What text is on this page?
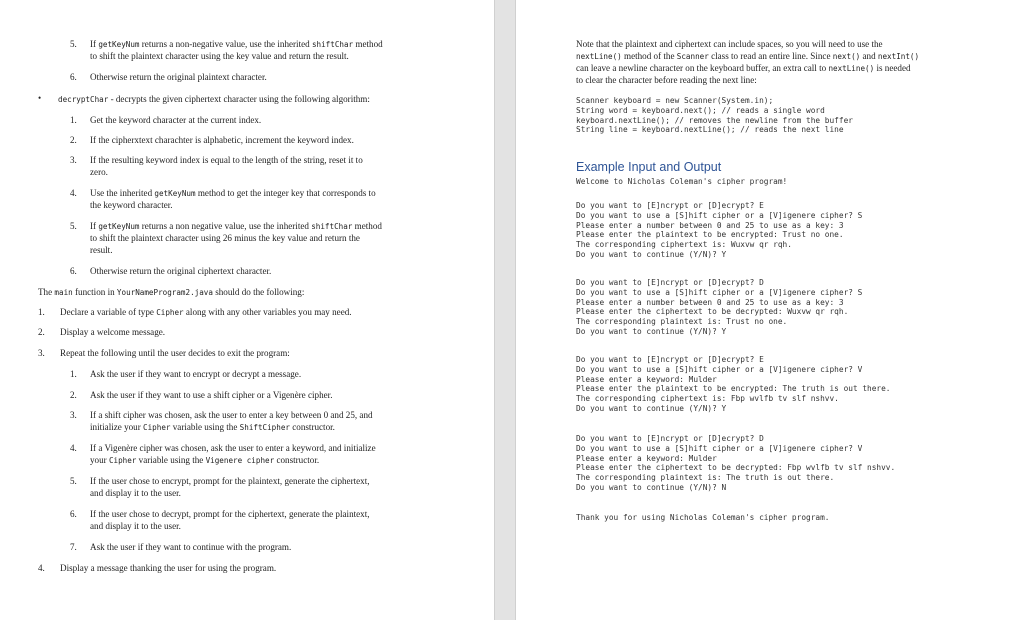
5. If getKeyNum returns a non-negative value, use the inherited shiftChar method
to shift the plaintext character using the key value and return the result.
6. Otherwise return the original plaintext character.
• decryptChar - decrypts the given ciphertext character using the following algorithm:
1. Get the keyword character at the current index.
2. If the cipherxtext charachter is alphabetic, increment the keyword index.
3. If the resulting keyword index is equal to the length of the string, reset it to
zero.
4. Use the inherited getKeyNum method to get the integer key that corresponds to
the keyword character.
5. If getKeyNum returns a non negative value, use the inherited shiftChar method
to shift the plaintext character using 26 minus the key value and return the
result.
6. Otherwise return the original ciphertext character.
The main function in YourNameProgram2.java should do the following:
1. Declare a variable of type Cipher along with any other variables you may need.
2. Display a welcome message.
3. Repeat the following until the user decides to exit the program:
1. Ask the user if they want to encrypt or decrypt a message.
2. Ask the user if they want to use a shift cipher or a Vigenère cipher.
3. If a shift cipher was chosen, ask the user to enter a key between 0 and 25, and
initialize your Cipher variable using the ShiftCipher constructor.
4. If a Vigenère cipher was chosen, ask the user to enter a keyword, and initialize
your Cipher variable using the Vigenere cipher constructor.
5. If the user chose to encrypt, prompt for the plaintext, generate the ciphertext,
and display it to the user.
6. If the user chose to decrypt, prompt for the ciphertext, generate the plaintext,
and display it to the user.
7. Ask the user if they want to continue with the program.
4. Display a message thanking the user for using the program.
Note that the plaintext and ciphertext can include spaces, so you will need to use the
nextLine() method of the Scanner class to read an entire line. Since next() and nextInt()
can leave a newline character on the keyboard buffer, an extra call to nextLine() is needed
to clear the character before reading the next line:
Scanner keyboard = new Scanner(System.in);
String word = keyboard.next(); // reads a single word
keyboard.nextLine(); // removes the newline from the buffer
String line = keyboard.nextLine(); // reads the next line
Example Input and Output
Welcome to Nicholas Coleman's cipher program!
Do you want to [E]ncrypt or [D]ecrypt? E
Do you want to use a [S]hift cipher or a [V]igenere cipher? S
Please enter a number between 0 and 25 to use as a key: 3
Please enter the plaintext to be encrypted: Trust no one.
The corresponding ciphertext is: Wuxvw qr rqh.
Do you want to continue (Y/N)? Y
Do you want to [E]ncrypt or [D]ecrypt? D
Do you want to use a [S]hift cipher or a [V]igenere cipher? S
Please enter a number between 0 and 25 to use as a key: 3
Please enter the ciphertext to be decrypted: Wuxvw qr rqh.
The corresponding plaintext is: Trust no one.
Do you want to continue (Y/N)? Y
Do you want to [E]ncrypt or [D]ecrypt? E
Do you want to use a [S]hift cipher or a [V]igenere cipher? V
Please enter a keyword: Mulder
Please enter the plaintext to be encrypted: The truth is out there.
The corresponding ciphertext is: Fbp wvlfb tv slf nshvv.
Do you want to continue (Y/N)? Y
Do you want to [E]ncrypt or [D]ecrypt? D
Do you want to use a [S]hift cipher or a [V]igenere cipher? V
Please enter a keyword: Mulder
Please enter the ciphertext to be decrypted: Fbp wvlfb tv slf nshvv.
The corresponding plaintext is: The truth is out there.
Do you want to continue (Y/N)? N
Thank you for using Nicholas Coleman's cipher program.
